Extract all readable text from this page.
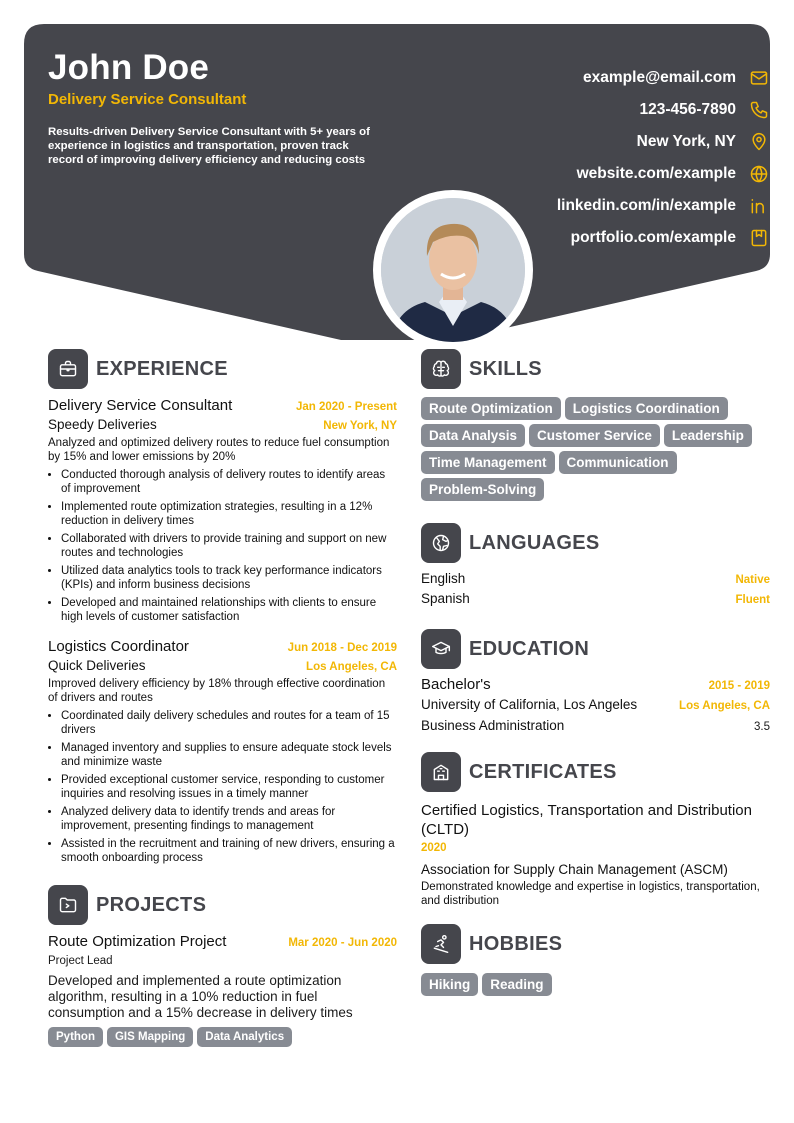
John Doe
Delivery Service Consultant
Results-driven Delivery Service Consultant with 5+ years of experience in logistics and transportation, proven track record of improving delivery efficiency and reducing costs
example@email.com
123-456-7890
New York, NY
website.com/example
linkedin.com/in/example
portfolio.com/example
EXPERIENCE
Delivery Service Consultant	Jan 2020 - Present
Speedy Deliveries	New York, NY
Analyzed and optimized delivery routes to reduce fuel consumption by 15% and lower emissions by 20%
• Conducted thorough analysis of delivery routes to identify areas of improvement
• Implemented route optimization strategies, resulting in a 12% reduction in delivery times
• Collaborated with drivers to provide training and support on new routes and technologies
• Utilized data analytics tools to track key performance indicators (KPIs) and inform business decisions
• Developed and maintained relationships with clients to ensure high levels of customer satisfaction
Logistics Coordinator	Jun 2018 - Dec 2019
Quick Deliveries	Los Angeles, CA
Improved delivery efficiency by 18% through effective coordination of drivers and routes
• Coordinated daily delivery schedules and routes for a team of 15 drivers
• Managed inventory and supplies to ensure adequate stock levels and minimize waste
• Provided exceptional customer service, responding to customer inquiries and resolving issues in a timely manner
• Analyzed delivery data to identify trends and areas for improvement, presenting findings to management
• Assisted in the recruitment and training of new drivers, ensuring a smooth onboarding process
PROJECTS
Route Optimization Project	Mar 2020 - Jun 2020
Project Lead
Developed and implemented a route optimization algorithm, resulting in a 10% reduction in fuel consumption and a 15% decrease in delivery times
Python GIS Mapping Data Analytics
SKILLS
Route Optimization Logistics Coordination
Data Analysis Customer Service Leadership
Time Management Communication
Problem-Solving
LANGUAGES
English	Native
Spanish	Fluent
EDUCATION
Bachelor's	2015 - 2019
University of California, Los Angeles	Los Angeles, CA
Business Administration	3.5
CERTIFICATES
Certified Logistics, Transportation and Distribution (CLTD)
2020
Association for Supply Chain Management (ASCM)
Demonstrated knowledge and expertise in logistics, transportation, and distribution
HOBBIES
Hiking Reading
